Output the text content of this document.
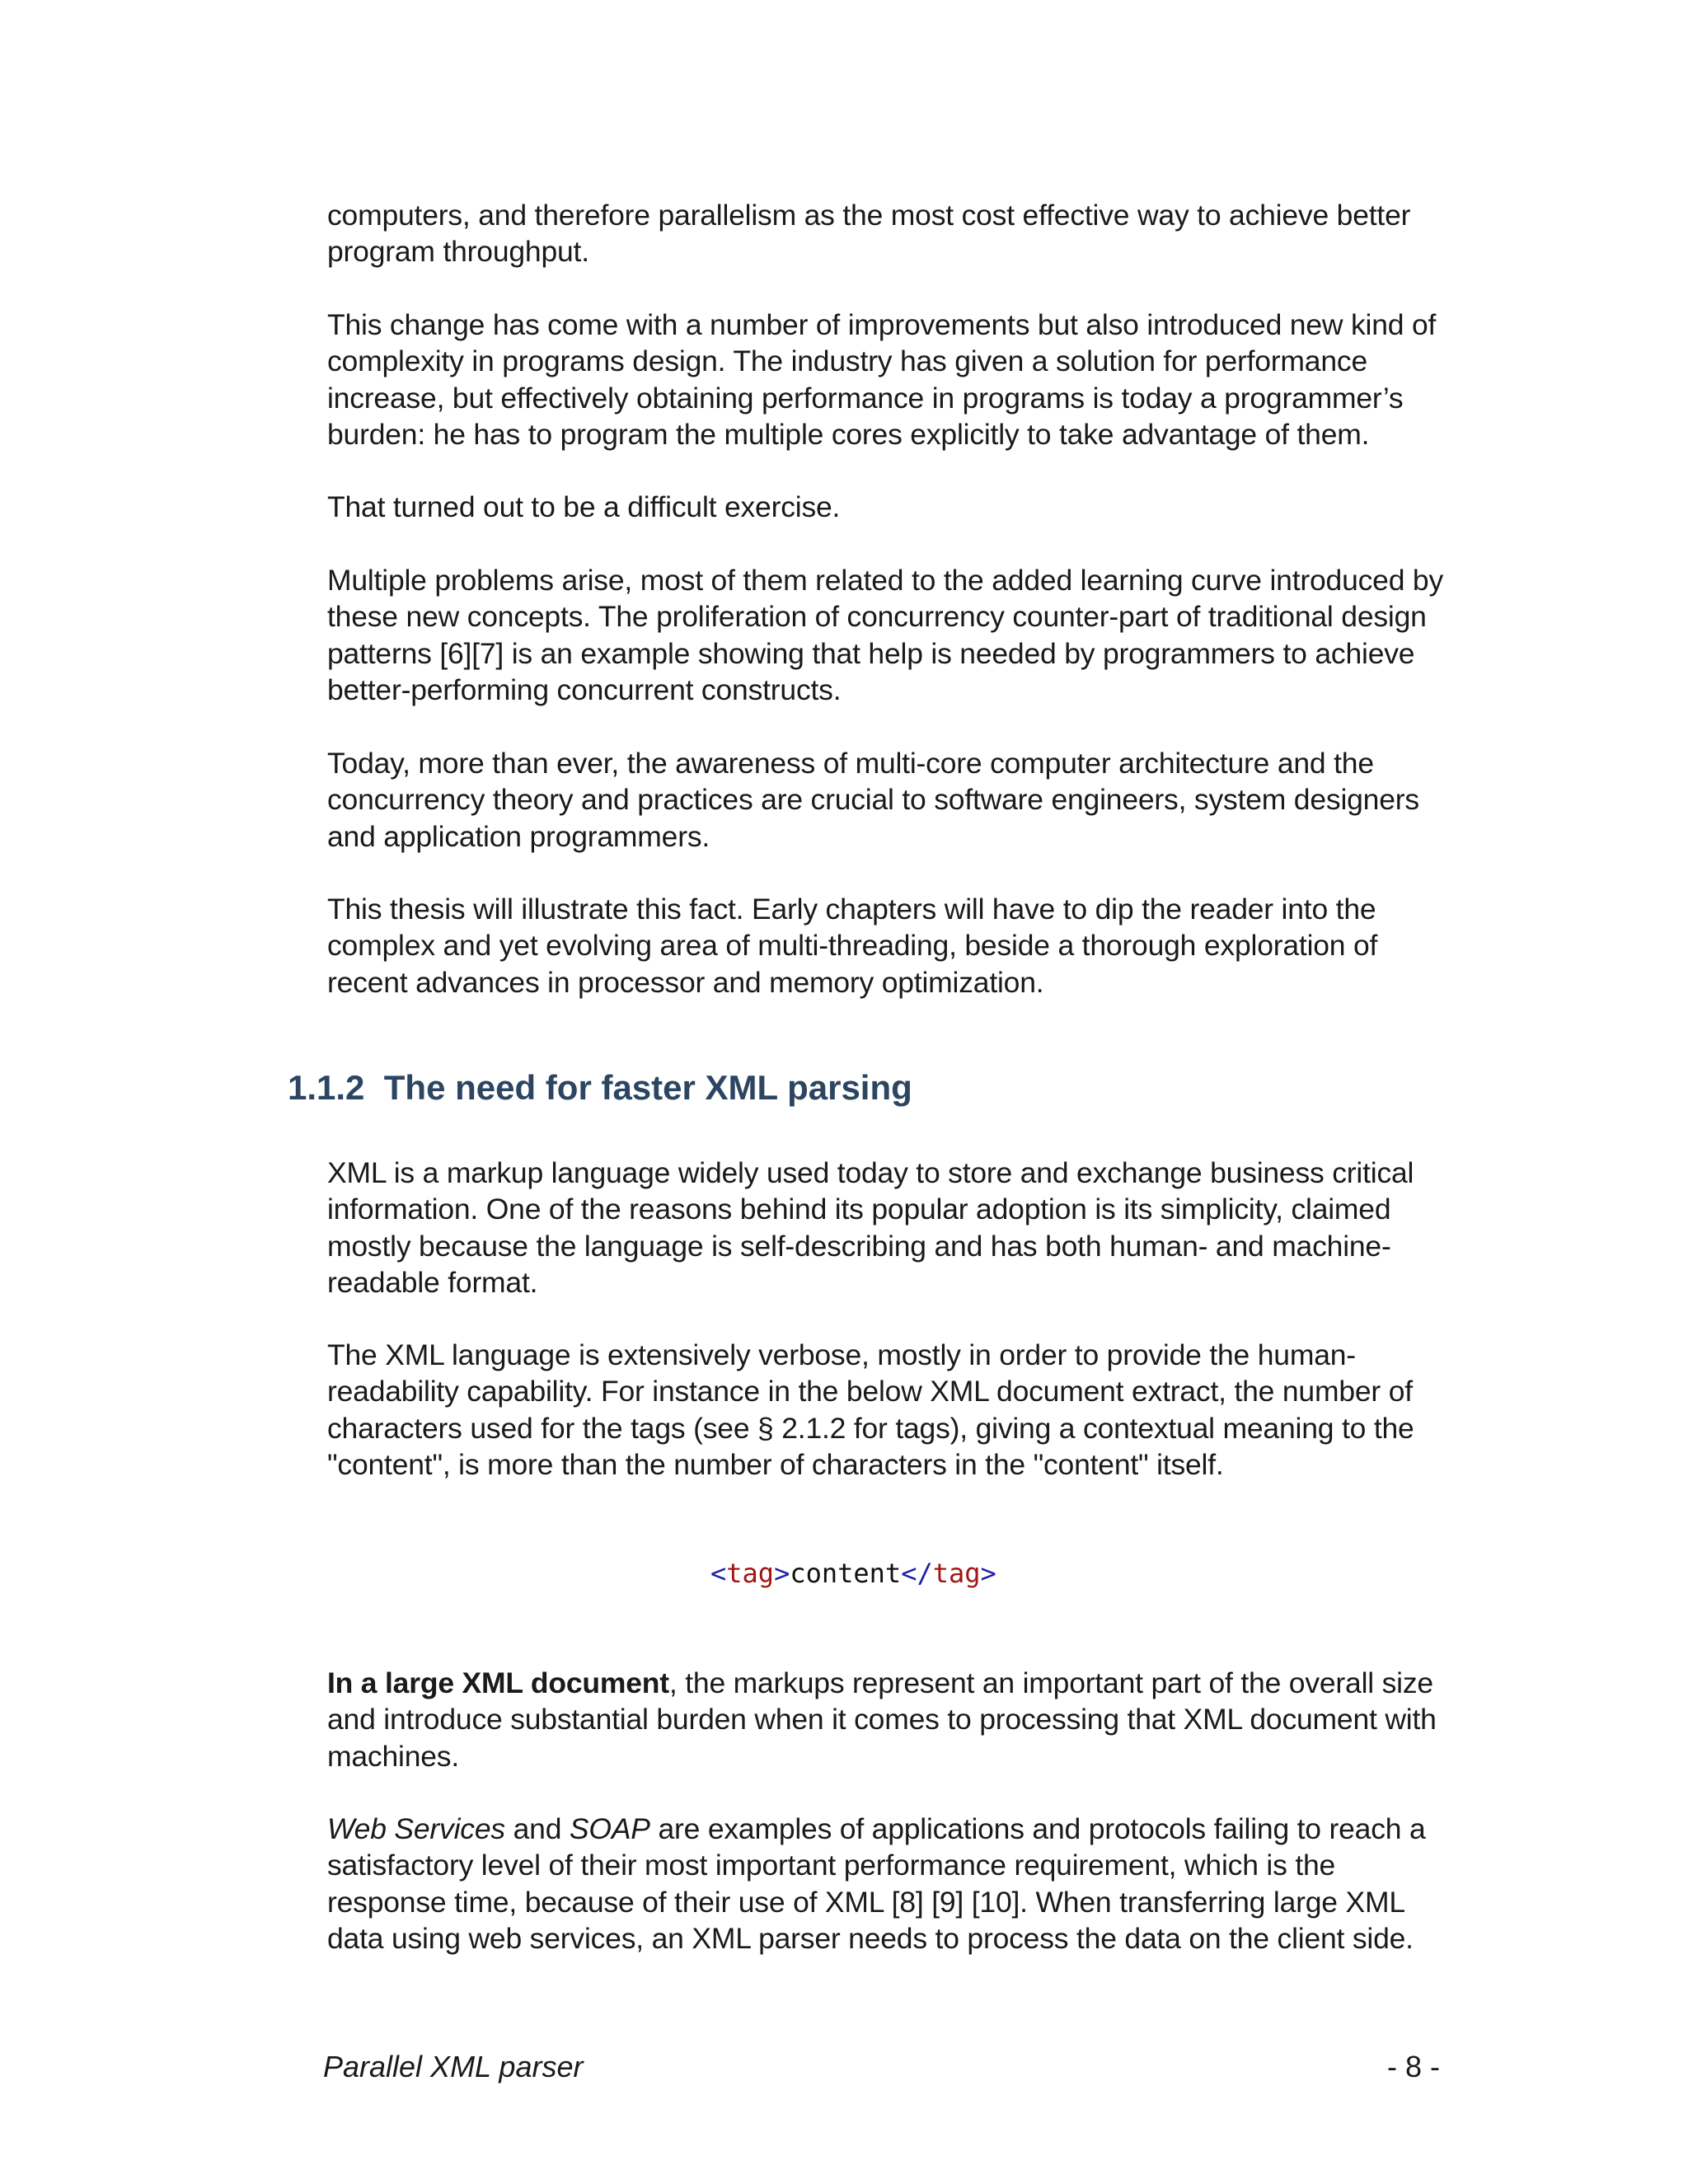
computers, and therefore parallelism as the most cost effective way to achieve better
program throughput.

This change has come with a number of improvements but also introduced new kind of
complexity in programs design. The industry has given a solution for performance
increase, but effectively obtaining performance in programs is today a programmer’s
burden: he has to program the multiple cores explicitly to take advantage of them.

That turned out to be a difficult exercise.

Multiple problems arise, most of them related to the added learning curve introduced by
these new concepts. The proliferation of concurrency counter-part of traditional design
patterns [6][7] is an example showing that help is needed by programmers to achieve
better-performing concurrent constructs.

Today, more than ever, the awareness of multi-core computer architecture and the
concurrency theory and practices are crucial to software engineers, system designers
and application programmers.

This thesis will illustrate this fact. Early chapters will have to dip the reader into the
complex and yet evolving area of multi-threading, beside a thorough exploration of
recent advances in processor and memory optimization.

1.1.2 The need for faster XML parsing

XML is a markup language widely used today to store and exchange business critical
information. One of the reasons behind its popular adoption is its simplicity, claimed
mostly because the language is self-describing and has both human- and machine-
readable format.

The XML language is extensively verbose, mostly in order to provide the human-
readability capability. For instance in the below XML document extract, the number of
characters used for the tags (see § 2.1.2 for tags), giving a contextual meaning to the
"content", is more than the number of characters in the "content" itself.

<tag>content</tag>

In a large XML document, the markups represent an important part of the overall size
and introduce substantial burden when it comes to processing that XML document with
machines.

Web Services and SOAP are examples of applications and protocols failing to reach a
satisfactory level of their most important performance requirement, which is the
response time, because of their use of XML [8] [9] [10]. When transferring large XML
data using web services, an XML parser needs to process the data on the client side.

Parallel XML parser	- 8 -
